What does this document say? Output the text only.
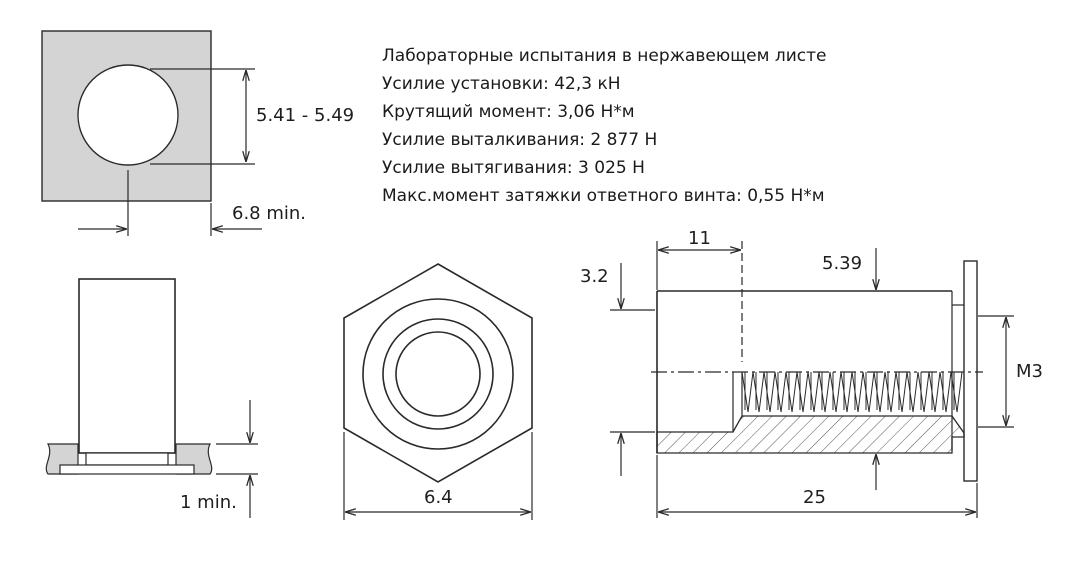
5.41 - 5.49
6.8 min.
1 min.	6.4
11
5.39
3.2
M3
25
Лабораторные испытания в нержавеющем листе
Усилие установки: 42,3 кН
Крутящий момент: 3,06 Н*м
Усилие выталкивания: 2 877 Н
Усилие вытягивания: 3 025 Н
Макс.момент затяжки ответного винта: 0,55 Н*м
